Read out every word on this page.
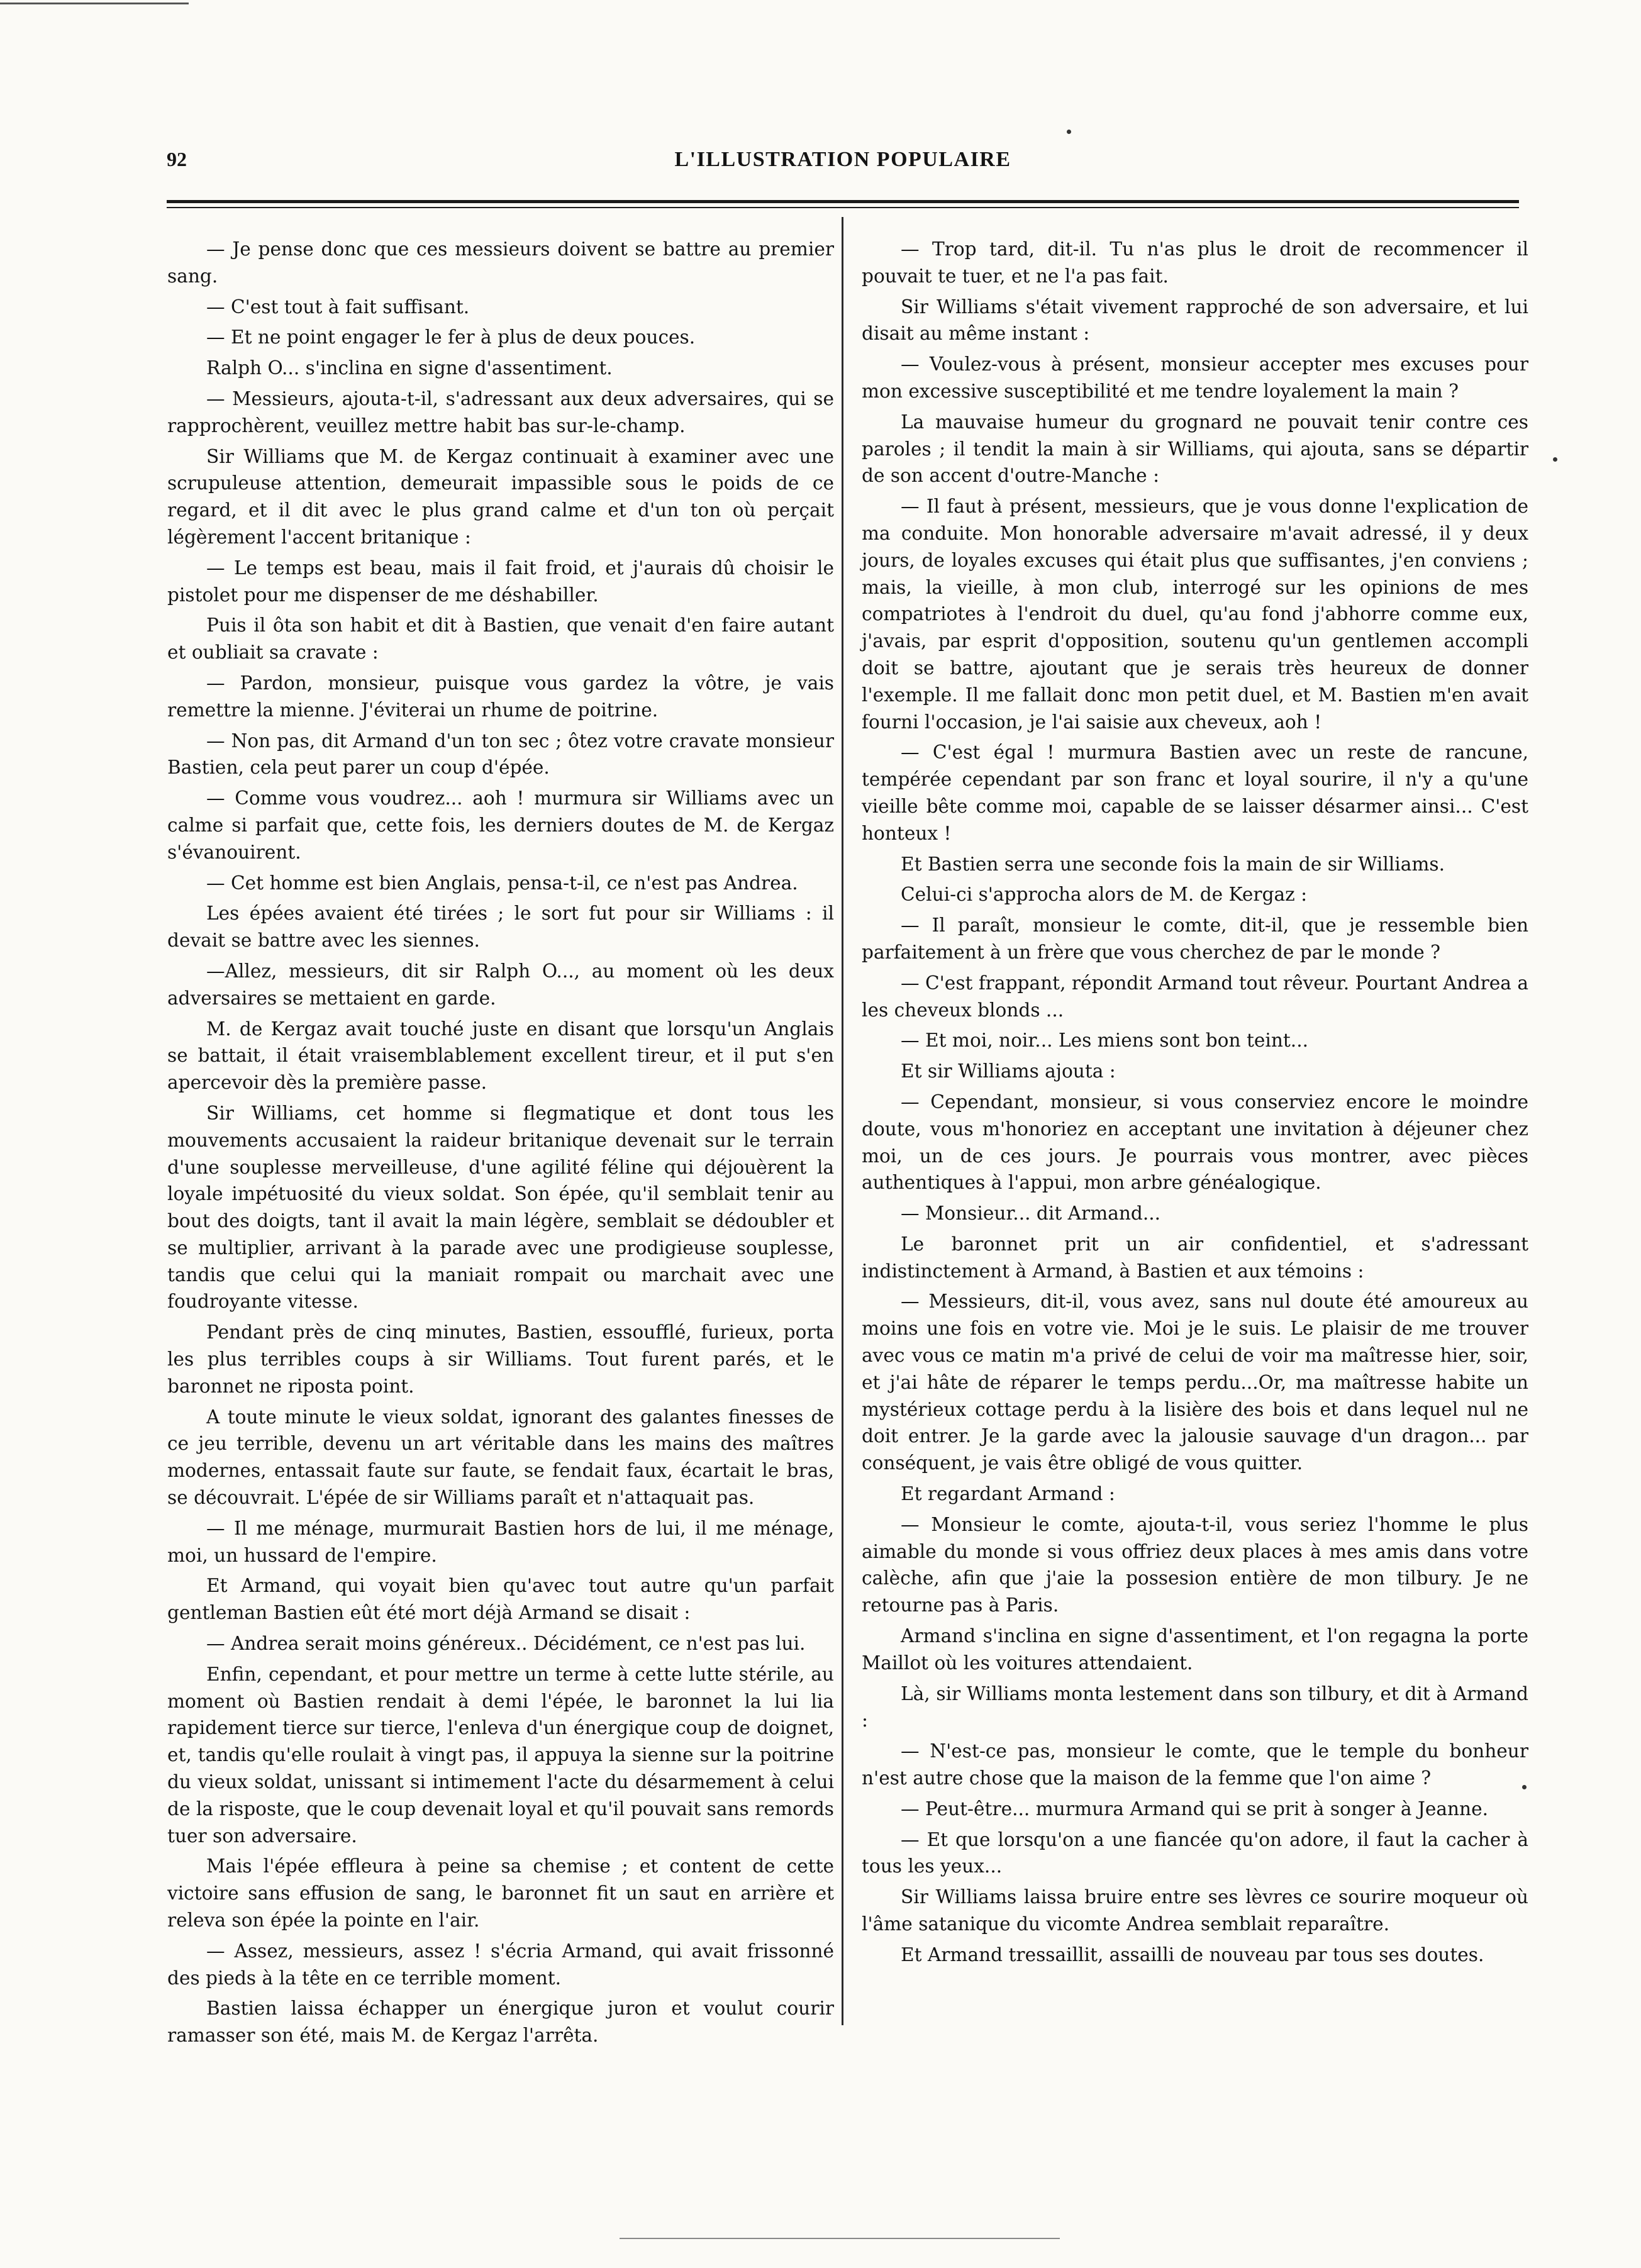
L'ILLUSTRATION POPULAIRE
92

— Je pense donc que ces messieurs doivent se battre au premier sang.

— C'est tout à fait suffisant.

— Et ne point engager le fer à plus de deux pouces.

Ralph O... s'inclina en signe d'assentiment.

— Messieurs, ajouta-t-il, s'adressant aux deux adversaires, qui se rapprochèrent, veuillez mettre habit bas sur-le-champ.

Sir Williams que M. de Kergaz continuait à examiner avec une scrupuleuse attention, demeurait impassible sous le poids de ce regard, et il dit avec le plus grand calme et d'un ton où perçait légèrement l'accent britanique :

— Le temps est beau, mais il fait froid, et j'aurais dû choisir le pistolet pour me dispenser de me déshabiller.

Puis il ôta son habit et dit à Bastien, que venait d'en faire autant et oubliait sa cravate :

— Pardon, monsieur, puisque vous gardez la vôtre, je vais remettre la mienne. J'éviterai un rhume de poitrine.

— Non pas, dit Armand d'un ton sec ; ôtez votre cravate monsieur Bastien, cela peut parer un coup d'épée.

— Comme vous voudrez... aoh ! murmura sir Williams avec un calme si parfait que, cette fois, les derniers doutes de M. de Kergaz s'évanouirent.

— Cet homme est bien Anglais, pensa-t-il, ce n'est pas Andrea.

Les épées avaient été tirées ; le sort fut pour sir Williams : il devait se battre avec les siennes.

—Allez, messieurs, dit sir Ralph O..., au moment où les deux adversaires se mettaient en garde.

M. de Kergaz avait touché juste en disant que lorsqu'un Anglais se battait, il était vraisemblablement excellent tireur, et il put s'en apercevoir dès la première passe.

Sir Williams, cet homme si flegmatique et dont tous les mouvements accusaient la raideur britanique devenait sur le terrain d'une souplesse merveilleuse, d'une agilité féline qui déjouèrent la loyale impétuosité du vieux soldat. Son épée, qu'il semblait tenir au bout des doigts, tant il avait la main légère, semblait se dédoubler et se multiplier, arrivant à la parade avec une prodigieuse souplesse, tandis que celui qui la maniait rompait ou marchait avec une foudroyante vitesse.

Pendant près de cinq minutes, Bastien, essoufflé, furieux, porta les plus terribles coups à sir Williams. Tout furent parés, et le baronnet ne riposta point.

A toute minute le vieux soldat, ignorant des galantes finesses de ce jeu terrible, devenu un art véritable dans les mains des maîtres modernes, entassait faute sur faute, se fendait faux, écartait le bras, se découvrait. L'épée de sir Williams paraît et n'attaquait pas.

— Il me ménage, murmurait Bastien hors de lui, il me ménage, moi, un hussard de l'empire.

Et Armand, qui voyait bien qu'avec tout autre qu'un parfait gentleman Bastien eût été mort déjà Armand se disait :

— Andrea serait moins généreux.. Décidément, ce n'est pas lui.

Enfin, cependant, et pour mettre un terme à cette lutte stérile, au moment où Bastien rendait à demi l'épée, le baronnet la lui lia rapidement tierce sur tierce, l'enleva d'un énergique coup de doignet, et, tandis qu'elle roulait à vingt pas, il appuya la sienne sur la poitrine du vieux soldat, unissant si intimement l'acte du désarmement à celui de la risposte, que le coup devenait loyal et qu'il pouvait sans remords tuer son adversaire.

Mais l'épée effleura à peine sa chemise ; et content de cette victoire sans effusion de sang, le baronnet fit un saut en arrière et releva son épée la pointe en l'air.

— Assez, messieurs, assez ! s'écria Armand, qui avait frissonné des pieds à la tête en ce terrible moment.

Bastien laissa échapper un énergique juron et voulut courir ramasser son été, mais M. de Kergaz l'arrêta.

— Trop tard, dit-il. Tu n'as plus le droit de recommencer il pouvait te tuer, et ne l'a pas fait.

Sir Williams s'était vivement rapproché de son adversaire, et lui disait au même instant :

— Voulez-vous à présent, monsieur accepter mes excuses pour mon excessive susceptibilité et me tendre loyalement la main ?

La mauvaise humeur du grognard ne pouvait tenir contre ces paroles ; il tendit la main à sir Williams, qui ajouta, sans se départir de son accent d'outre-Manche :

— Il faut à présent, messieurs, que je vous donne l'explication de ma conduite. Mon honorable adversaire m'avait adressé, il y deux jours, de loyales excuses qui était plus que suffisantes, j'en conviens ; mais, la vieille, à mon club, interrogé sur les opinions de mes compatriotes à l'endroit du duel, qu'au fond j'abhorre comme eux, j'avais, par esprit d'opposition, soutenu qu'un gentlemen accompli doit se battre, ajoutant que je serais très heureux de donner l'exemple. Il me fallait donc mon petit duel, et M. Bastien m'en avait fourni l'occasion, je l'ai saisie aux cheveux, aoh !

— C'est égal ! murmura Bastien avec un reste de rancune, tempérée cependant par son franc et loyal sourire, il n'y a qu'une vieille bête comme moi, capable de se laisser désarmer ainsi... C'est honteux !

Et Bastien serra une seconde fois la main de sir Williams.

Celui-ci s'approcha alors de M. de Kergaz :

— Il paraît, monsieur le comte, dit-il, que je ressemble bien parfaitement à un frère que vous cherchez de par le monde ?

— C'est frappant, répondit Armand tout rêveur. Pourtant Andrea a les cheveux blonds ...

— Et moi, noir... Les miens sont bon teint...

Et sir Williams ajouta :

— Cependant, monsieur, si vous conserviez encore le moindre doute, vous m'honoriez en acceptant une invitation à déjeuner chez moi, un de ces jours. Je pourrais vous montrer, avec pièces authentiques à l'appui, mon arbre généalogique.

— Monsieur... dit Armand...

Le baronnet prit un air confidentiel, et s'adressant indistinctement à Armand, à Bastien et aux témoins :

— Messieurs, dit-il, vous avez, sans nul doute été amoureux au moins une fois en votre vie. Moi je le suis. Le plaisir de me trouver avec vous ce matin m'a privé de celui de voir ma maîtresse hier, soir, et j'ai hâte de réparer le temps perdu...Or, ma maîtresse habite un mystérieux cottage perdu à la lisière des bois et dans lequel nul ne doit entrer. Je la garde avec la jalousie sauvage d'un dragon... par conséquent, je vais être obligé de vous quitter.

Et regardant Armand :

— Monsieur le comte, ajouta-t-il, vous seriez l'homme le plus aimable du monde si vous offriez deux places à mes amis dans votre calèche, afin que j'aie la possesion entière de mon tilbury. Je ne retourne pas à Paris.

Armand s'inclina en signe d'assentiment, et l'on regagna la porte Maillot où les voitures attendaient.

Là, sir Williams monta lestement dans son tilbury, et dit à Armand :

— N'est-ce pas, monsieur le comte, que le temple du bonheur n'est autre chose que la maison de la femme que l'on aime ?

— Peut-être... murmura Armand qui se prit à songer à Jeanne.

— Et que lorsqu'on a une fiancée qu'on adore, il faut la cacher à tous les yeux...

Sir Williams laissa bruire entre ses lèvres ce sourire moqueur où l'âme satanique du vicomte Andrea semblait reparaître.

Et Armand tressaillit, assailli de nouveau par tous ses doutes.
